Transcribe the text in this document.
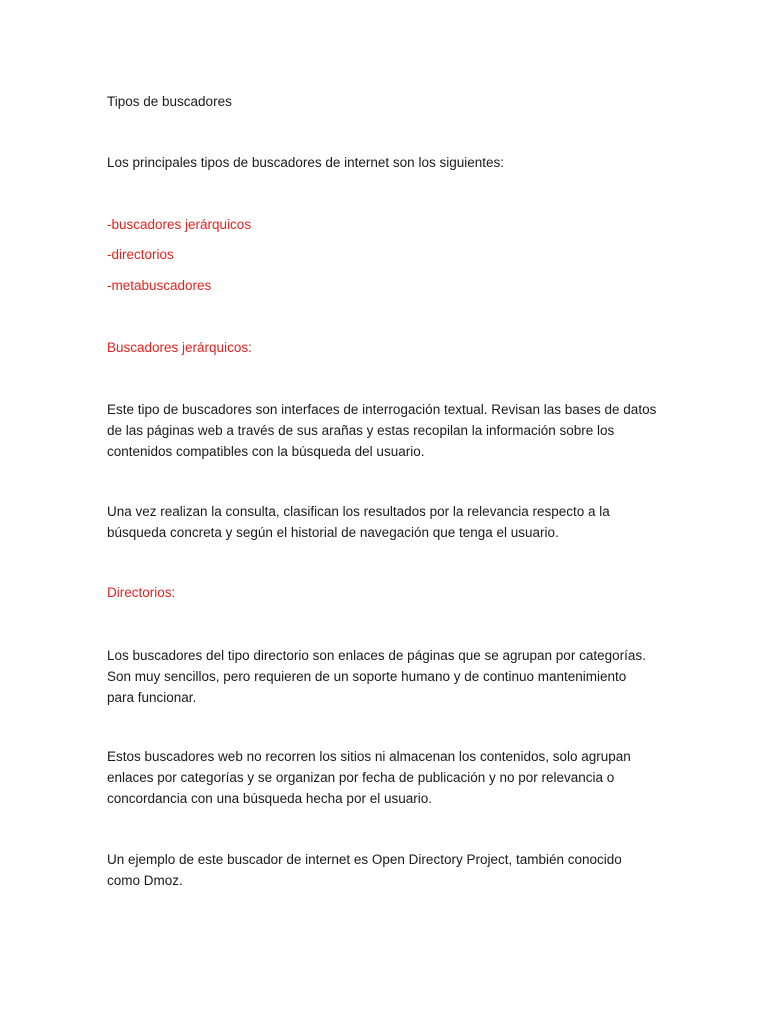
Tipos de buscadores
Los principales tipos de buscadores de internet son los siguientes:
-buscadores jerárquicos
-directorios
-metabuscadores
Buscadores jerárquicos:
Este tipo de buscadores son interfaces de interrogación textual. Revisan las bases de datos
de las páginas web a través de sus arañas y estas recopilan la información sobre los
contenidos compatibles con la búsqueda del usuario.
Una vez realizan la consulta, clasifican los resultados por la relevancia respecto a la
búsqueda concreta y según el historial de navegación que tenga el usuario.
Directorios:
Los buscadores del tipo directorio son enlaces de páginas que se agrupan por categorías.
Son muy sencillos, pero requieren de un soporte humano y de continuo mantenimiento
para funcionar.
Estos buscadores web no recorren los sitios ni almacenan los contenidos, solo agrupan
enlaces por categorías y se organizan por fecha de publicación y no por relevancia o
concordancia con una búsqueda hecha por el usuario.
Un ejemplo de este buscador de internet es Open Directory Project, también conocido
como Dmoz.
